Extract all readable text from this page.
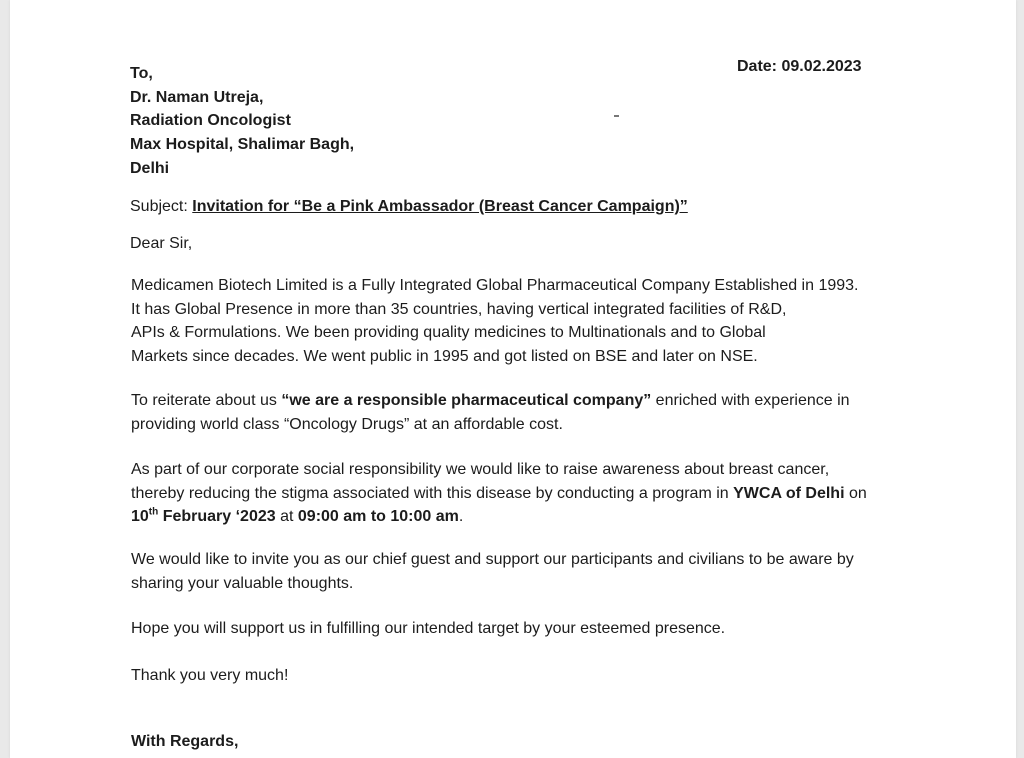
Date: 09.02.2023
To,
Dr. Naman Utreja,
Radiation Oncologist
Max Hospital, Shalimar Bagh,
Delhi
Subject: Invitation for “Be a Pink Ambassador (Breast Cancer Campaign)”
Dear Sir,
Medicamen Biotech Limited is a Fully Integrated Global Pharmaceutical Company Established in 1993.
It has Global Presence in more than 35 countries, having vertical integrated facilities of R&D,
APIs & Formulations. We been providing quality medicines to Multinationals and to Global
Markets since decades. We went public in 1995 and got listed on BSE and later on NSE.
To reiterate about us “we are a responsible pharmaceutical company” enriched with experience in
providing world class “Oncology Drugs” at an affordable cost.
As part of our corporate social responsibility we would like to raise awareness about breast cancer,
thereby reducing the stigma associated with this disease by conducting a program in YWCA of Delhi on
10th February ‘2023 at 09:00 am to 10:00 am.
We would like to invite you as our chief guest and support our participants and civilians to be aware by
sharing your valuable thoughts.
Hope you will support us in fulfilling our intended target by your esteemed presence.
Thank you very much!
With Regards,
